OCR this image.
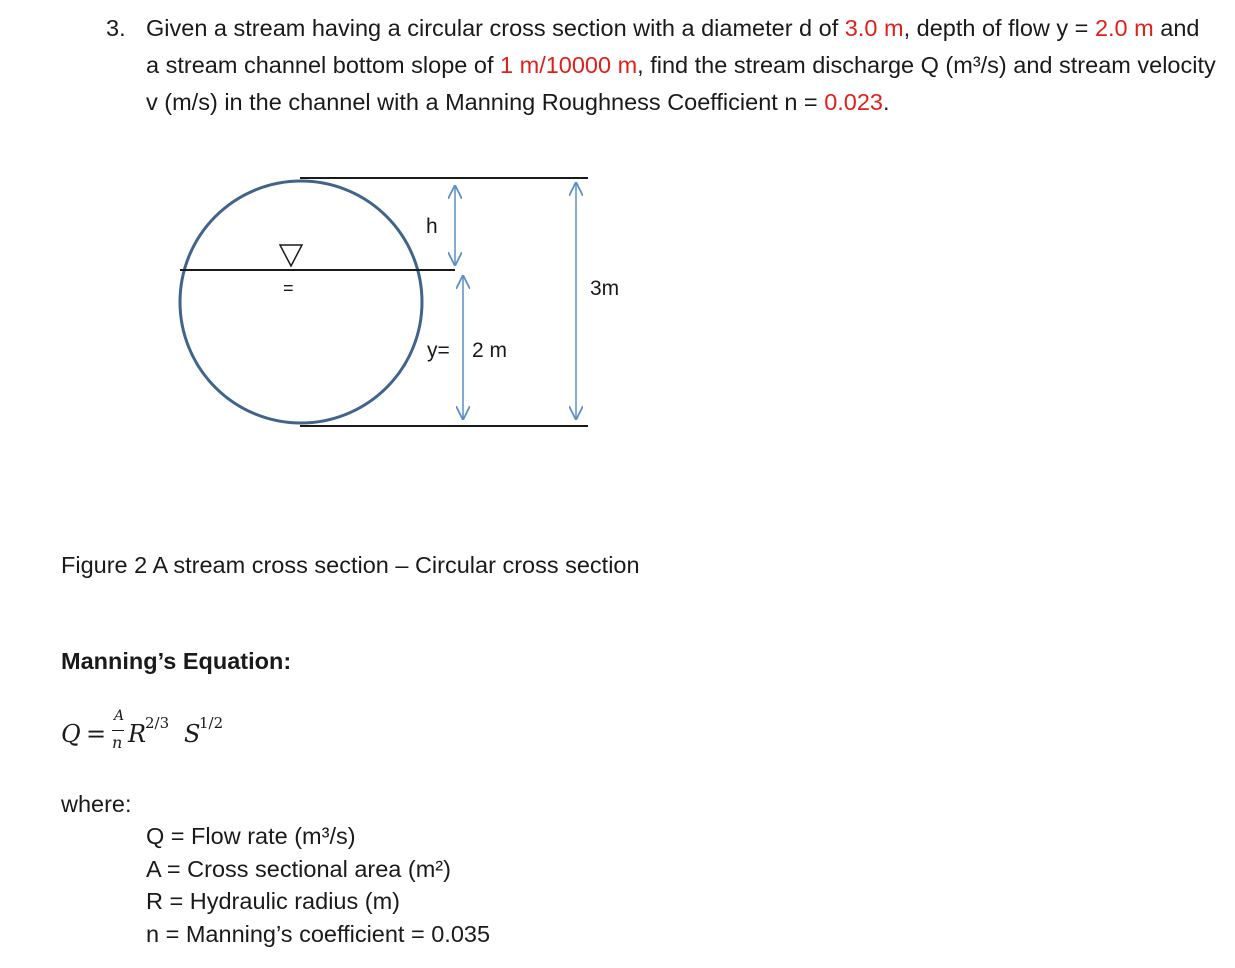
3. Given a stream having a circular cross section with a diameter d of 3.0 m, depth of flow y = 2.0 m and a stream channel bottom slope of 1 m/10000 m, find the stream discharge Q (m³/s) and stream velocity v (m/s) in the channel with a Manning Roughness Coefficient n = 0.023.
=
h
y= 2 m
3m
Figure 2 A stream cross section – Circular cross section
Manning’s Equation:
Q =
A
n R
2/3 S
1/2
where:
Q = Flow rate (m³/s)
A = Cross sectional area (m²)
R = Hydraulic radius (m)
n = Manning’s coefficient = 0.035
